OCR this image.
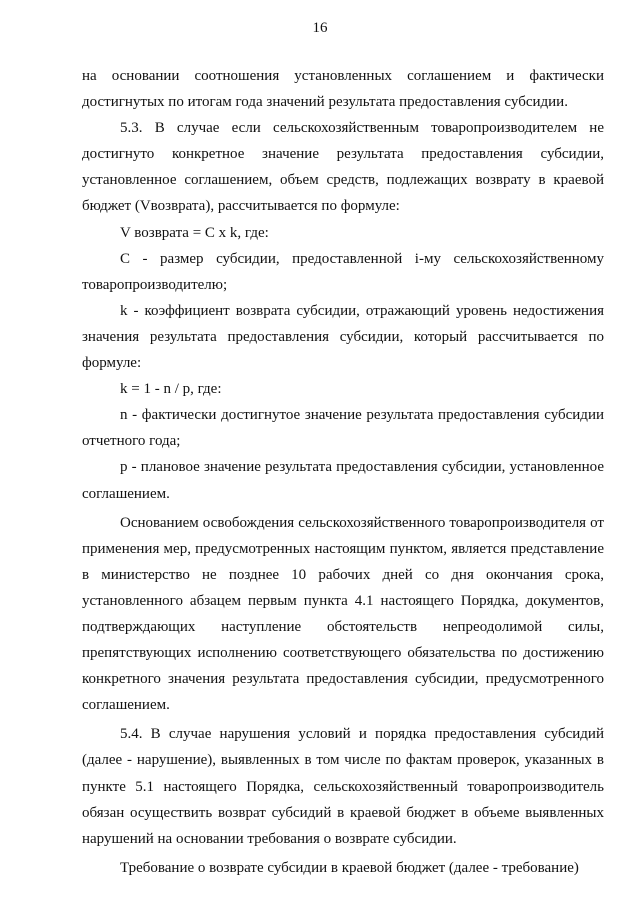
16

на основании соотношения установленных соглашением и фактически достигнутых по итогам года значений результата предоставления субсидии.

5.3. В случае если сельскохозяйственным товаропроизводителем не достигнуто конкретное значение результата предоставления субсидии, установленное соглашением, объем средств, подлежащих возврату в краевой бюджет (Vвозврата), рассчитывается по формуле:

V возврата = C x k, где:

C - размер субсидии, предоставленной i-му сельскохозяйственному товаропроизводителю;

k - коэффициент возврата субсидии, отражающий уровень недостижения значения результата предоставления субсидии, который рассчитывается по формуле:

k = 1 - n / p, где:

n - фактически достигнутое значение результата предоставления субсидии отчетного года;

p - плановое значение результата предоставления субсидии, установленное соглашением.

Основанием освобождения сельскохозяйственного товаропроизводителя от применения мер, предусмотренных настоящим пунктом, является представление в министерство не позднее 10 рабочих дней со дня окончания срока, установленного абзацем первым пункта 4.1 настоящего Порядка, документов, подтверждающих наступление обстоятельств непреодолимой силы, препятствующих исполнению соответствующего обязательства по достижению конкретного значения результата предоставления субсидии, предусмотренного соглашением.

5.4. В случае нарушения условий и порядка предоставления субсидий (далее - нарушение), выявленных в том числе по фактам проверок, указанных в пункте 5.1 настоящего Порядка, сельскохозяйственный товаропроизводитель обязан осуществить возврат субсидий в краевой бюджет в объеме выявленных нарушений на основании требования о возврате субсидии.

Требование о возврате субсидии в краевой бюджет (далее - требование)
